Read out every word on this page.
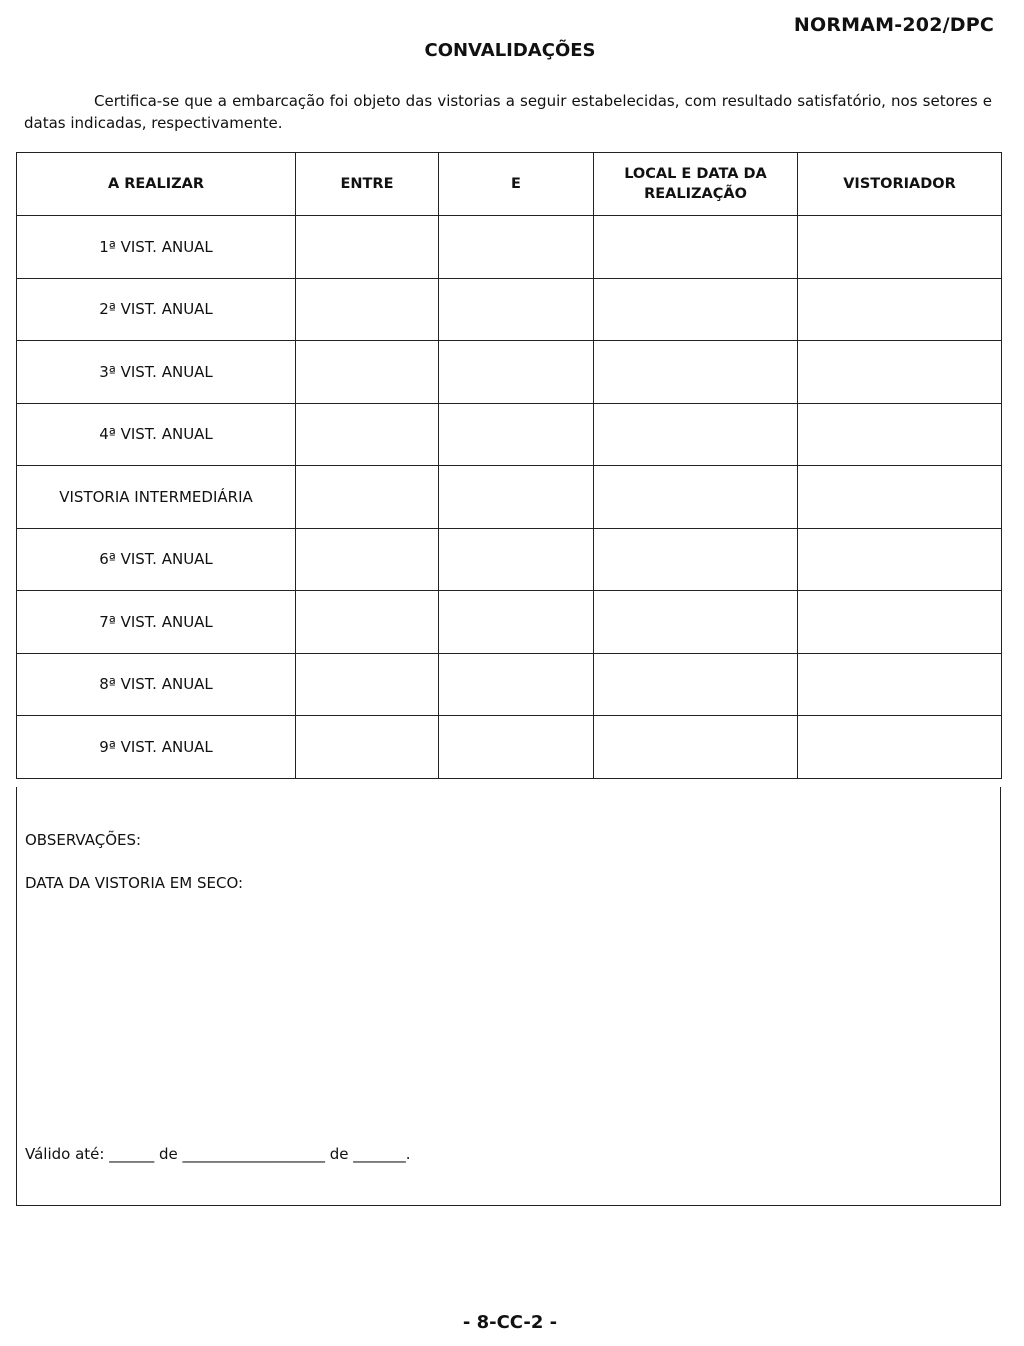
NORMAM-202/DPC
CONVALIDAÇÕES
Certifica-se que a embarcação foi objeto das vistorias a seguir estabelecidas, com resultado satisfatório, nos setores e datas indicadas, respectivamente.
A REALIZAR	ENTRE	E	LOCAL E DATA DA REALIZAÇÃO	VISTORIADOR
1ª VIST. ANUAL				
2ª VIST. ANUAL				
3ª VIST. ANUAL				
4ª VIST. ANUAL				
VISTORIA INTERMEDIÁRIA				
6ª VIST. ANUAL				
7ª VIST. ANUAL				
8ª VIST. ANUAL				
9ª VIST. ANUAL				
OBSERVAÇÕES:
DATA DA VISTORIA EM SECO:
Válido até: ______ de ___________________ de _______.
- 8-CC-2 -
